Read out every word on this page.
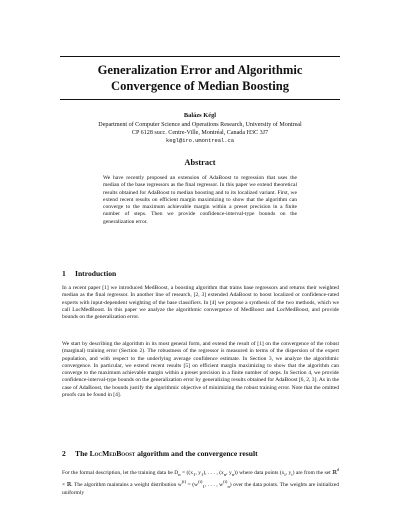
Generalization Error and Algorithmic
Convergence of Median Boosting
Balázs Kégl
Department of Computer Science and Operations Research, University of Montreal
CP 6128 succ. Centre-Ville, Montréal, Canada H3C 3J7
kegl@iro.umontreal.ca
Abstract
We have recently proposed an extension of AdaBoost to regression that uses the median of the base regressors as the final regressor. In this paper we extend theoretical results obtained for AdaBoost to median boosting and to its localized variant. First, we extend recent results on efficient margin maximizing to show that the algorithm can converge to the maximum achievable margin within a preset precision in a finite number of steps. Then we provide confidence-interval-type bounds on the generalization error.
1 Introduction
In a recent paper [1] we introduced MedBoost, a boosting algorithm that trains base regressors and returns their weighted median as the final regressor. In another line of research, [2, 3] extended AdaBoost to boost localized or confidence-rated experts with input-dependent weighting of the base classifiers. In [4] we propose a synthesis of the two methods, which we call LocMedBoost. In this paper we analyze the algorithmic convergence of MedBoost and LocMedBoost, and provide bounds on the generalization error.
We start by describing the algorithm in its most general form, and extend the result of [1] on the convergence of the robust (marginal) training error (Section 2). The robustness of the regressor is measured in terms of the dispersion of the expert population, and with respect to the underlying average confidence estimate. In Section 3, we analyze the algorithmic convergence. In particular, we extend recent results [5] on efficient margin maximizing to show that the algorithm can converge to the maximum achievable margin within a preset precision in a finite number of steps. In Section 4, we provide confidence-interval-type bounds on the generalization error by generalizing results obtained for AdaBoost [6, 2, 3]. As in the case of AdaBoost, the bounds justify the algorithmic objective of minimizing the robust training error. Note that the omitted proofs can be found in [4].
2 The LocMedBoost algorithm and the convergence result
For the formal description, let the training data be $D_n = ((x_1$, $y_1$), . . . , ($x_n$, $y_n$)) where data points ($x_i$, $y_i$) are from the set ℝ$^d$ × ℝ. The algorithm maintains a weight distribution $w^{(t)} = (w^{(t)}_1$, . . . , $w^{(t)}_n$) over the data points. The weights are initialized uniformly
